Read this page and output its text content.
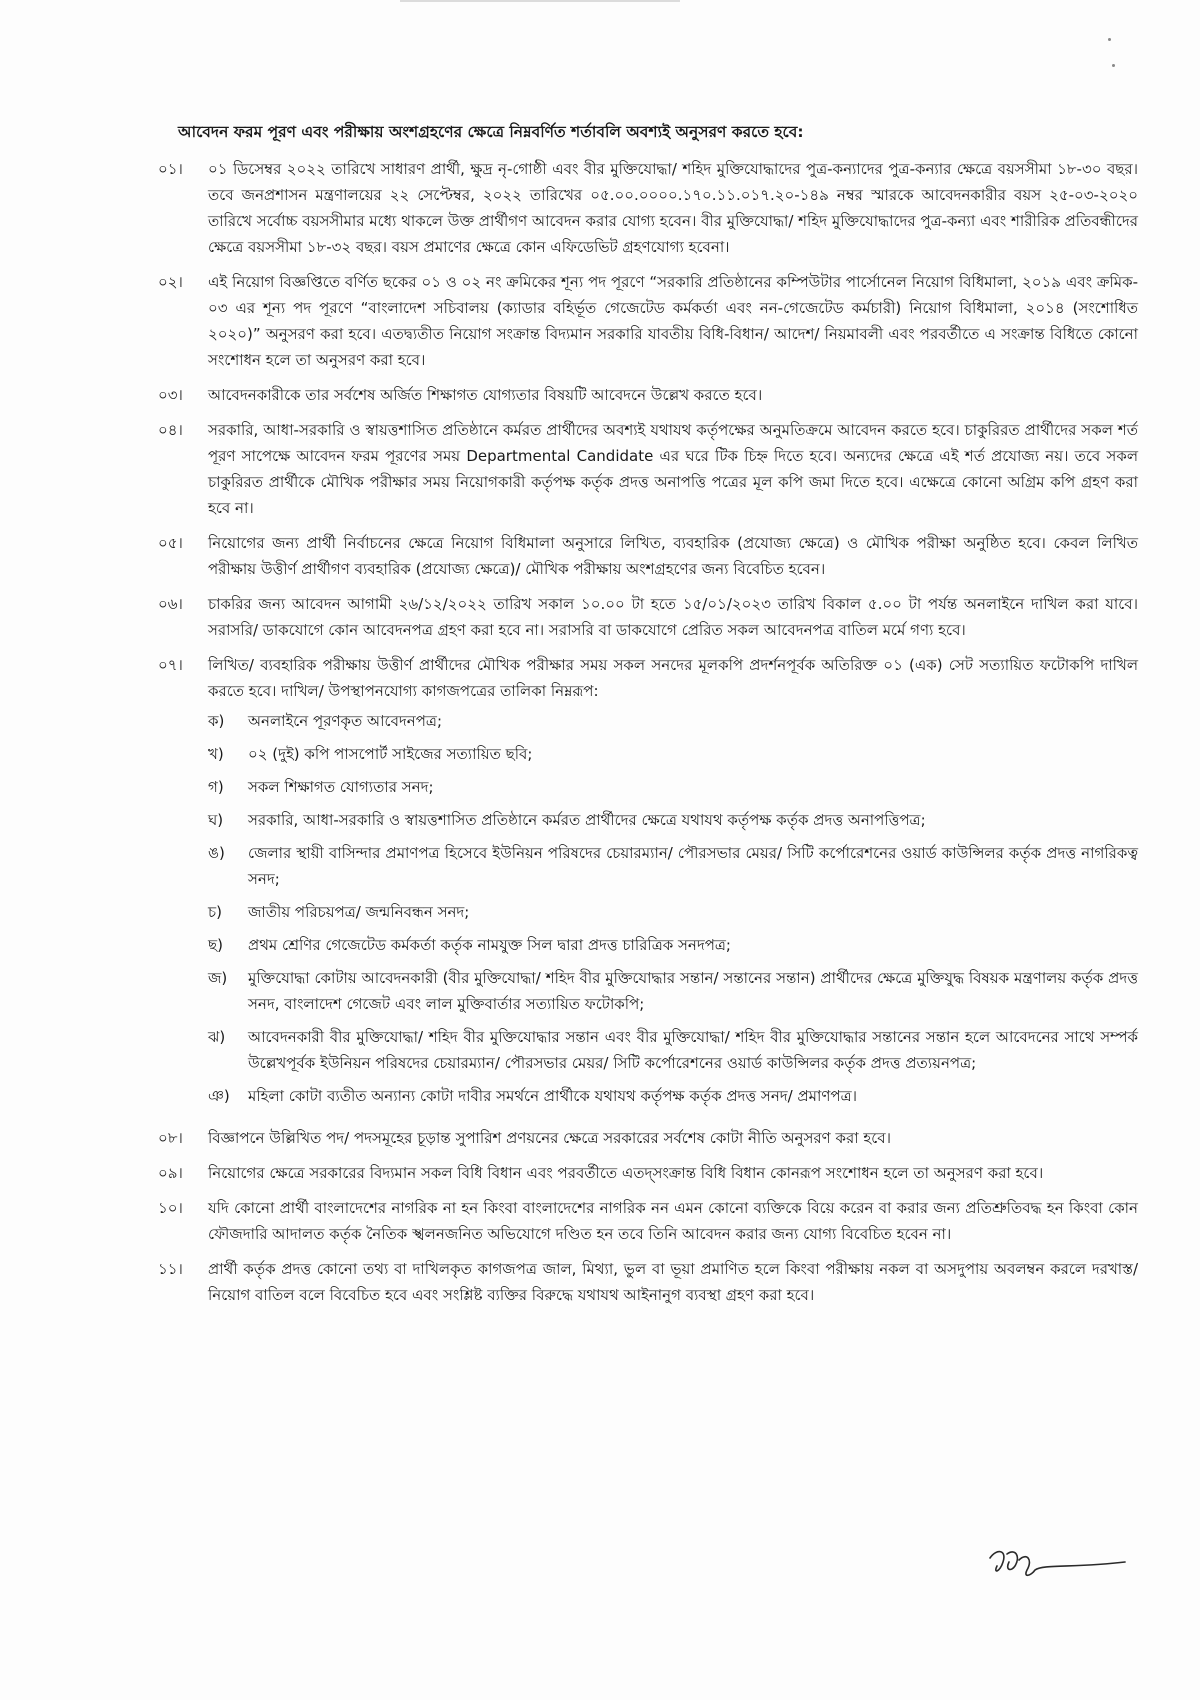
আবেদন ফরম পূরণ এবং পরীক্ষায় অংশগ্রহণের ক্ষেত্রে নিম্নবর্ণিত শর্তাবলি অবশ্যই অনুসরণ করতে হবে:
০১।	০১ ডিসেম্বর ২০২২ তারিখে সাধারণ প্রার্থী, ক্ষুদ্র নৃ-গোষ্ঠী এবং বীর মুক্তিযোদ্ধা/ শহিদ মুক্তিযোদ্ধাদের পুত্র-কন্যাদের পুত্র-কন্যার ক্ষেত্রে বয়সসীমা ১৮-৩০ বছর। তবে জনপ্রশাসন মন্ত্রণালয়ের ২২ সেপ্টেম্বর, ২০২২ তারিখের ০৫.০০.০০০০.১৭০.১১.০১৭.২০-১৪৯ নম্বর স্মারকে আবেদনকারীর বয়স ২৫-০৩-২০২০ তারিখে সর্বোচ্চ বয়সসীমার মধ্যে থাকলে উক্ত প্রার্থীগণ আবেদন করার যোগ্য হবেন। বীর মুক্তিযোদ্ধা/ শহিদ মুক্তিযোদ্ধাদের পুত্র-কন্যা এবং শারীরিক প্রতিবন্ধীদের ক্ষেত্রে বয়সসীমা ১৮-৩২ বছর। বয়স প্রমাণের ক্ষেত্রে কোন এফিডেভিট গ্রহণযোগ্য হবেনা।
০২।	এই নিয়োগ বিজ্ঞপ্তিতে বর্ণিত ছকের ০১ ও ০২ নং ক্রমিকের শূন্য পদ পূরণে “সরকারি প্রতিষ্ঠানের কম্পিউটার পার্সোনেল নিয়োগ বিধিমালা, ২০১৯ এবং ক্রমিক- ০৩ এর শূন্য পদ পূরণে “বাংলাদেশ সচিবালয় (ক্যাডার বহির্ভূত গেজেটেড কর্মকর্তা এবং নন-গেজেটেড কর্মচারী) নিয়োগ বিধিমালা, ২০১৪ (সংশোধিত ২০২০)” অনুসরণ করা হবে। এতদ্ব্যতীত নিয়োগ সংক্রান্ত বিদ্যমান সরকারি যাবতীয় বিধি-বিধান/ আদেশ/ নিয়মাবলী এবং পরবর্তীতে এ সংক্রান্ত বিধিতে কোনো সংশোধন হলে তা অনুসরণ করা হবে।
০৩।	আবেদনকারীকে তার সর্বশেষ অর্জিত শিক্ষাগত যোগ্যতার বিষয়টি আবেদনে উল্লেখ করতে হবে।
০৪।	সরকারি, আধা-সরকারি ও স্বায়ত্তশাসিত প্রতিষ্ঠানে কর্মরত প্রার্থীদের অবশ্যই যথাযথ কর্তৃপক্ষের অনুমতিক্রমে আবেদন করতে হবে। চাকুরিরত প্রার্থীদের সকল শর্ত পূরণ সাপেক্ষে আবেদন ফরম পূরণের সময় Departmental Candidate এর ঘরে টিক চিহ্ন দিতে হবে। অন্যদের ক্ষেত্রে এই শর্ত প্রযোজ্য নয়। তবে সকল চাকুরিরত প্রার্থীকে মৌখিক পরীক্ষার সময় নিয়োগকারী কর্তৃপক্ষ কর্তৃক প্রদত্ত অনাপত্তি পত্রের মূল কপি জমা দিতে হবে। এক্ষেত্রে কোনো অগ্রিম কপি গ্রহণ করা হবে না।
০৫।	নিয়োগের জন্য প্রার্থী নির্বাচনের ক্ষেত্রে নিয়োগ বিধিমালা অনুসারে লিখিত, ব্যবহারিক (প্রযোজ্য ক্ষেত্রে) ও মৌখিক পরীক্ষা অনুষ্ঠিত হবে। কেবল লিখিত পরীক্ষায় উত্তীর্ণ প্রার্থীগণ ব্যবহারিক (প্রযোজ্য ক্ষেত্রে)/ মৌখিক পরীক্ষায় অংশগ্রহণের জন্য বিবেচিত হবেন।
০৬।	চাকরির জন্য আবেদন আগামী ২৬/১২/২০২২ তারিখ সকাল ১০.০০ টা হতে ১৫/০১/২০২৩ তারিখ বিকাল ৫.০০ টা পর্যন্ত অনলাইনে দাখিল করা যাবে। সরাসরি/ ডাকযোগে কোন আবেদনপত্র গ্রহণ করা হবে না। সরাসরি বা ডাকযোগে প্রেরিত সকল আবেদনপত্র বাতিল মর্মে গণ্য হবে।
০৭।	লিখিত/ ব্যবহারিক পরীক্ষায় উত্তীর্ণ প্রার্থীদের মৌখিক পরীক্ষার সময় সকল সনদের মূলকপি প্রদর্শনপূর্বক অতিরিক্ত ০১ (এক) সেট সত্যায়িত ফটোকপি দাখিল করতে হবে। দাখিল/ উপস্থাপনযোগ্য কাগজপত্রের তালিকা নিম্নরূপ:
ক)	অনলাইনে পূরণকৃত আবেদনপত্র;
খ)	০২ (দুই) কপি পাসপোর্ট সাইজের সত্যায়িত ছবি;
গ)	সকল শিক্ষাগত যোগ্যতার সনদ;
ঘ)	সরকারি, আধা-সরকারি ও স্বায়ত্তশাসিত প্রতিষ্ঠানে কর্মরত প্রার্থীদের ক্ষেত্রে যথাযথ কর্তৃপক্ষ কর্তৃক প্রদত্ত অনাপত্তিপত্র;
ঙ)	জেলার স্থায়ী বাসিন্দার প্রমাণপত্র হিসেবে ইউনিয়ন পরিষদের চেয়ারম্যান/ পৌরসভার মেয়র/ সিটি কর্পোরেশনের ওয়ার্ড কাউন্সিলর কর্তৃক প্রদত্ত নাগরিকত্ব সনদ;
চ)	জাতীয় পরিচয়পত্র/ জন্মনিবন্ধন সনদ;
ছ)	প্রথম শ্রেণির গেজেটেড কর্মকর্তা কর্তৃক নামযুক্ত সিল দ্বারা প্রদত্ত চারিত্রিক সনদপত্র;
জ)	মুক্তিযোদ্ধা কোটায় আবেদনকারী (বীর মুক্তিযোদ্ধা/ শহিদ বীর মুক্তিযোদ্ধার সন্তান/ সন্তানের সন্তান) প্রার্থীদের ক্ষেত্রে মুক্তিযুদ্ধ বিষয়ক মন্ত্রণালয় কর্তৃক প্রদত্ত সনদ, বাংলাদেশ গেজেট এবং লাল মুক্তিবার্তার সত্যায়িত ফটোকপি;
ঝ)	আবেদনকারী বীর মুক্তিযোদ্ধা/ শহিদ বীর মুক্তিযোদ্ধার সন্তান এবং বীর মুক্তিযোদ্ধা/ শহিদ বীর মুক্তিযোদ্ধার সন্তানের সন্তান হলে আবেদনের সাথে সম্পর্ক উল্লেখপূর্বক ইউনিয়ন পরিষদের চেয়ারম্যান/ পৌরসভার মেয়র/ সিটি কর্পোরেশনের ওয়ার্ড কাউন্সিলর কর্তৃক প্রদত্ত প্রত্যয়নপত্র;
ঞ)	মহিলা কোটা ব্যতীত অন্যান্য কোটা দাবীর সমর্থনে প্রার্থীকে যথাযথ কর্তৃপক্ষ কর্তৃক প্রদত্ত সনদ/ প্রমাণপত্র।
০৮।	বিজ্ঞাপনে উল্লিখিত পদ/ পদসমূহের চূড়ান্ত সুপারিশ প্রণয়নের ক্ষেত্রে সরকারের সর্বশেষ কোটা নীতি অনুসরণ করা হবে।
০৯।	নিয়োগের ক্ষেত্রে সরকারের বিদ্যমান সকল বিধি বিধান এবং পরবর্তীতে এতদ্সংক্রান্ত বিধি বিধান কোনরূপ সংশোধন হলে তা অনুসরণ করা হবে।
১০।	যদি কোনো প্রার্থী বাংলাদেশের নাগরিক না হন কিংবা বাংলাদেশের নাগরিক নন এমন কোনো ব্যক্তিকে বিয়ে করেন বা করার জন্য প্রতিশ্রুতিবদ্ধ হন কিংবা কোন ফৌজদারি আদালত কর্তৃক নৈতিক স্খলনজনিত অভিযোগে দণ্ডিত হন তবে তিনি আবেদন করার জন্য যোগ্য বিবেচিত হবেন না।
১১।	প্রার্থী কর্তৃক প্রদত্ত কোনো তথ্য বা দাখিলকৃত কাগজপত্র জাল, মিথ্যা, ভুল বা ভূয়া প্রমাণিত হলে কিংবা পরীক্ষায় নকল বা অসদুপায় অবলম্বন করলে দরখাস্ত/ নিয়োগ বাতিল বলে বিবেচিত হবে এবং সংশ্লিষ্ট ব্যক্তির বিরুদ্ধে যথাযথ আইনানুগ ব্যবস্থা গ্রহণ করা হবে।
